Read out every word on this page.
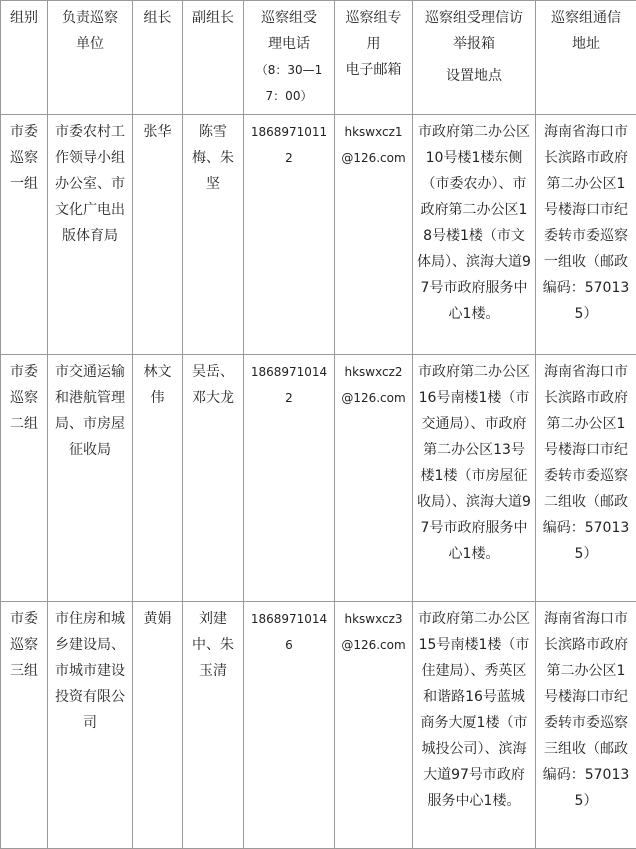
组别	负责巡察
单位	组长	副组长	巡察组受
理电话
（8：30—1
7：00）	巡察组专
用
电子邮箱	巡察组受理信访
举报箱
设置地点	巡察组通信
地址
市委巡察一组	市委农村工作领导小组办公室、市文化广电出版体育局	张华	陈雪梅、朱坚	1868971011
2	hkswxcz1
@126.com	市政府第二办公区10号楼1楼东侧（市委农办）、市政府第二办公区18号楼1楼（市文体局）、滨海大道97号市政府服务中心1楼。	海南省海口市长滨路市政府第二办公区1号楼海口市纪委转市委巡察一组收（邮政编码：570135）
市委巡察二组	市交通运输和港航管理局、市房屋征收局	林文伟	吴岳、邓大龙	1868971014
2	hkswxcz2
@126.com	市政府第二办公区16号南楼1楼（市交通局）、市政府第二办公区13号楼1楼（市房屋征收局）、滨海大道97号市政府服务中心1楼。	海南省海口市长滨路市政府第二办公区1号楼海口市纪委转市委巡察二组收（邮政编码：570135）
市委巡察三组	市住房和城乡建设局、市城市建设投资有限公司	黄娟	刘建中、朱玉清	1868971014
6	hkswxcz3
@126.com	市政府第二办公区15号南楼1楼（市住建局）、秀英区和谐路16号蓝城商务大厦1楼（市城投公司）、滨海大道97号市政府服务中心1楼。	海南省海口市长滨路市政府第二办公区1号楼海口市纪委转市委巡察三组收（邮政编码：570135）
